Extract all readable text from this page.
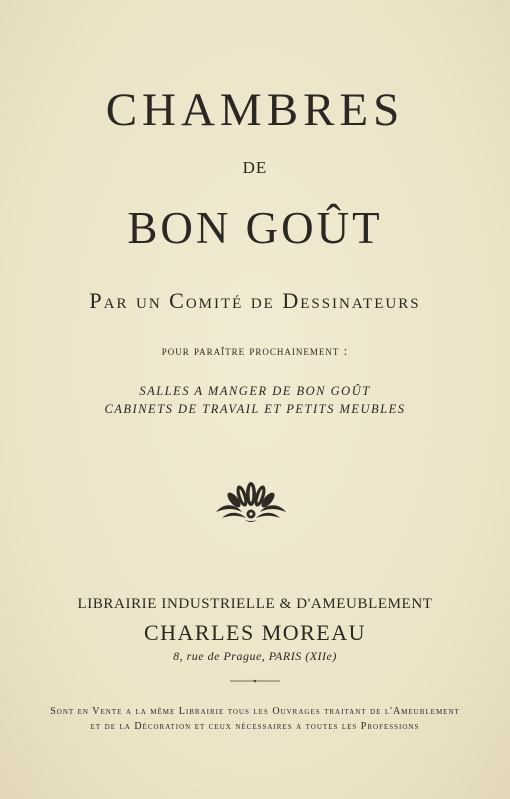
CHAMBRES
DE
BON GOÛT
Par un Comité de Dessinateurs
pour paraître prochainement :
SALLES A MANGER DE BON GOÛT
CABINETS DE TRAVAIL ET PETITS MEUBLES
LIBRAIRIE INDUSTRIELLE & D'AMEUBLEMENT
CHARLES MOREAU
8, rue de Prague, PARIS (XIIe)
Sont en Vente a la même Librairie tous les Ouvrages traitant de l'Ameublement
et de la Décoration et ceux nécessaires a toutes les Professions
